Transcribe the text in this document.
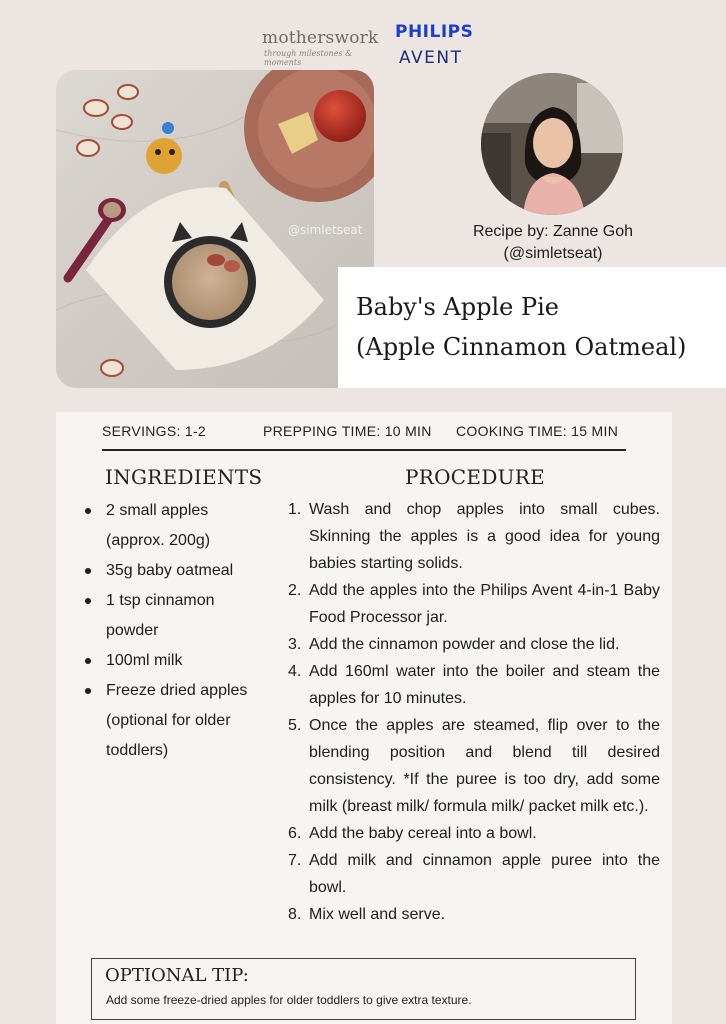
motherswork
through milestones & moments
PHILIPS
AVENT
@simletseat	Recipe by: Zanne Goh
(@simletseat)
Baby's Apple Pie
(Apple Cinnamon Oatmeal)
SERVINGS: 1-2	PREPPING TIME: 10 MIN COOKING TIME: 15 MIN
INGREDIENTS
2 small apples (approx. 200g)
35g baby oatmeal
1 tsp cinnamon powder
100ml milk
Freeze dried apples (optional for older toddlers)
PROCEDURE
1. Wash and chop apples into small cubes. Skinning the apples is a good idea for young babies starting solids.
2. Add the apples into the Philips Avent 4-in-1 Baby Food Processor jar.
3. Add the cinnamon powder and close the lid.
4. Add 160ml water into the boiler and steam the apples for 10 minutes.
5. Once the apples are steamed, flip over to the blending position and blend till desired consistency. *If the puree is too dry, add some milk (breast milk/ formula milk/ packet milk etc.).
6. Add the baby cereal into a bowl.
7. Add milk and cinnamon apple puree into the bowl.
8. Mix well and serve.
OPTIONAL TIP:
Add some freeze-dried apples for older toddlers to give extra texture.
